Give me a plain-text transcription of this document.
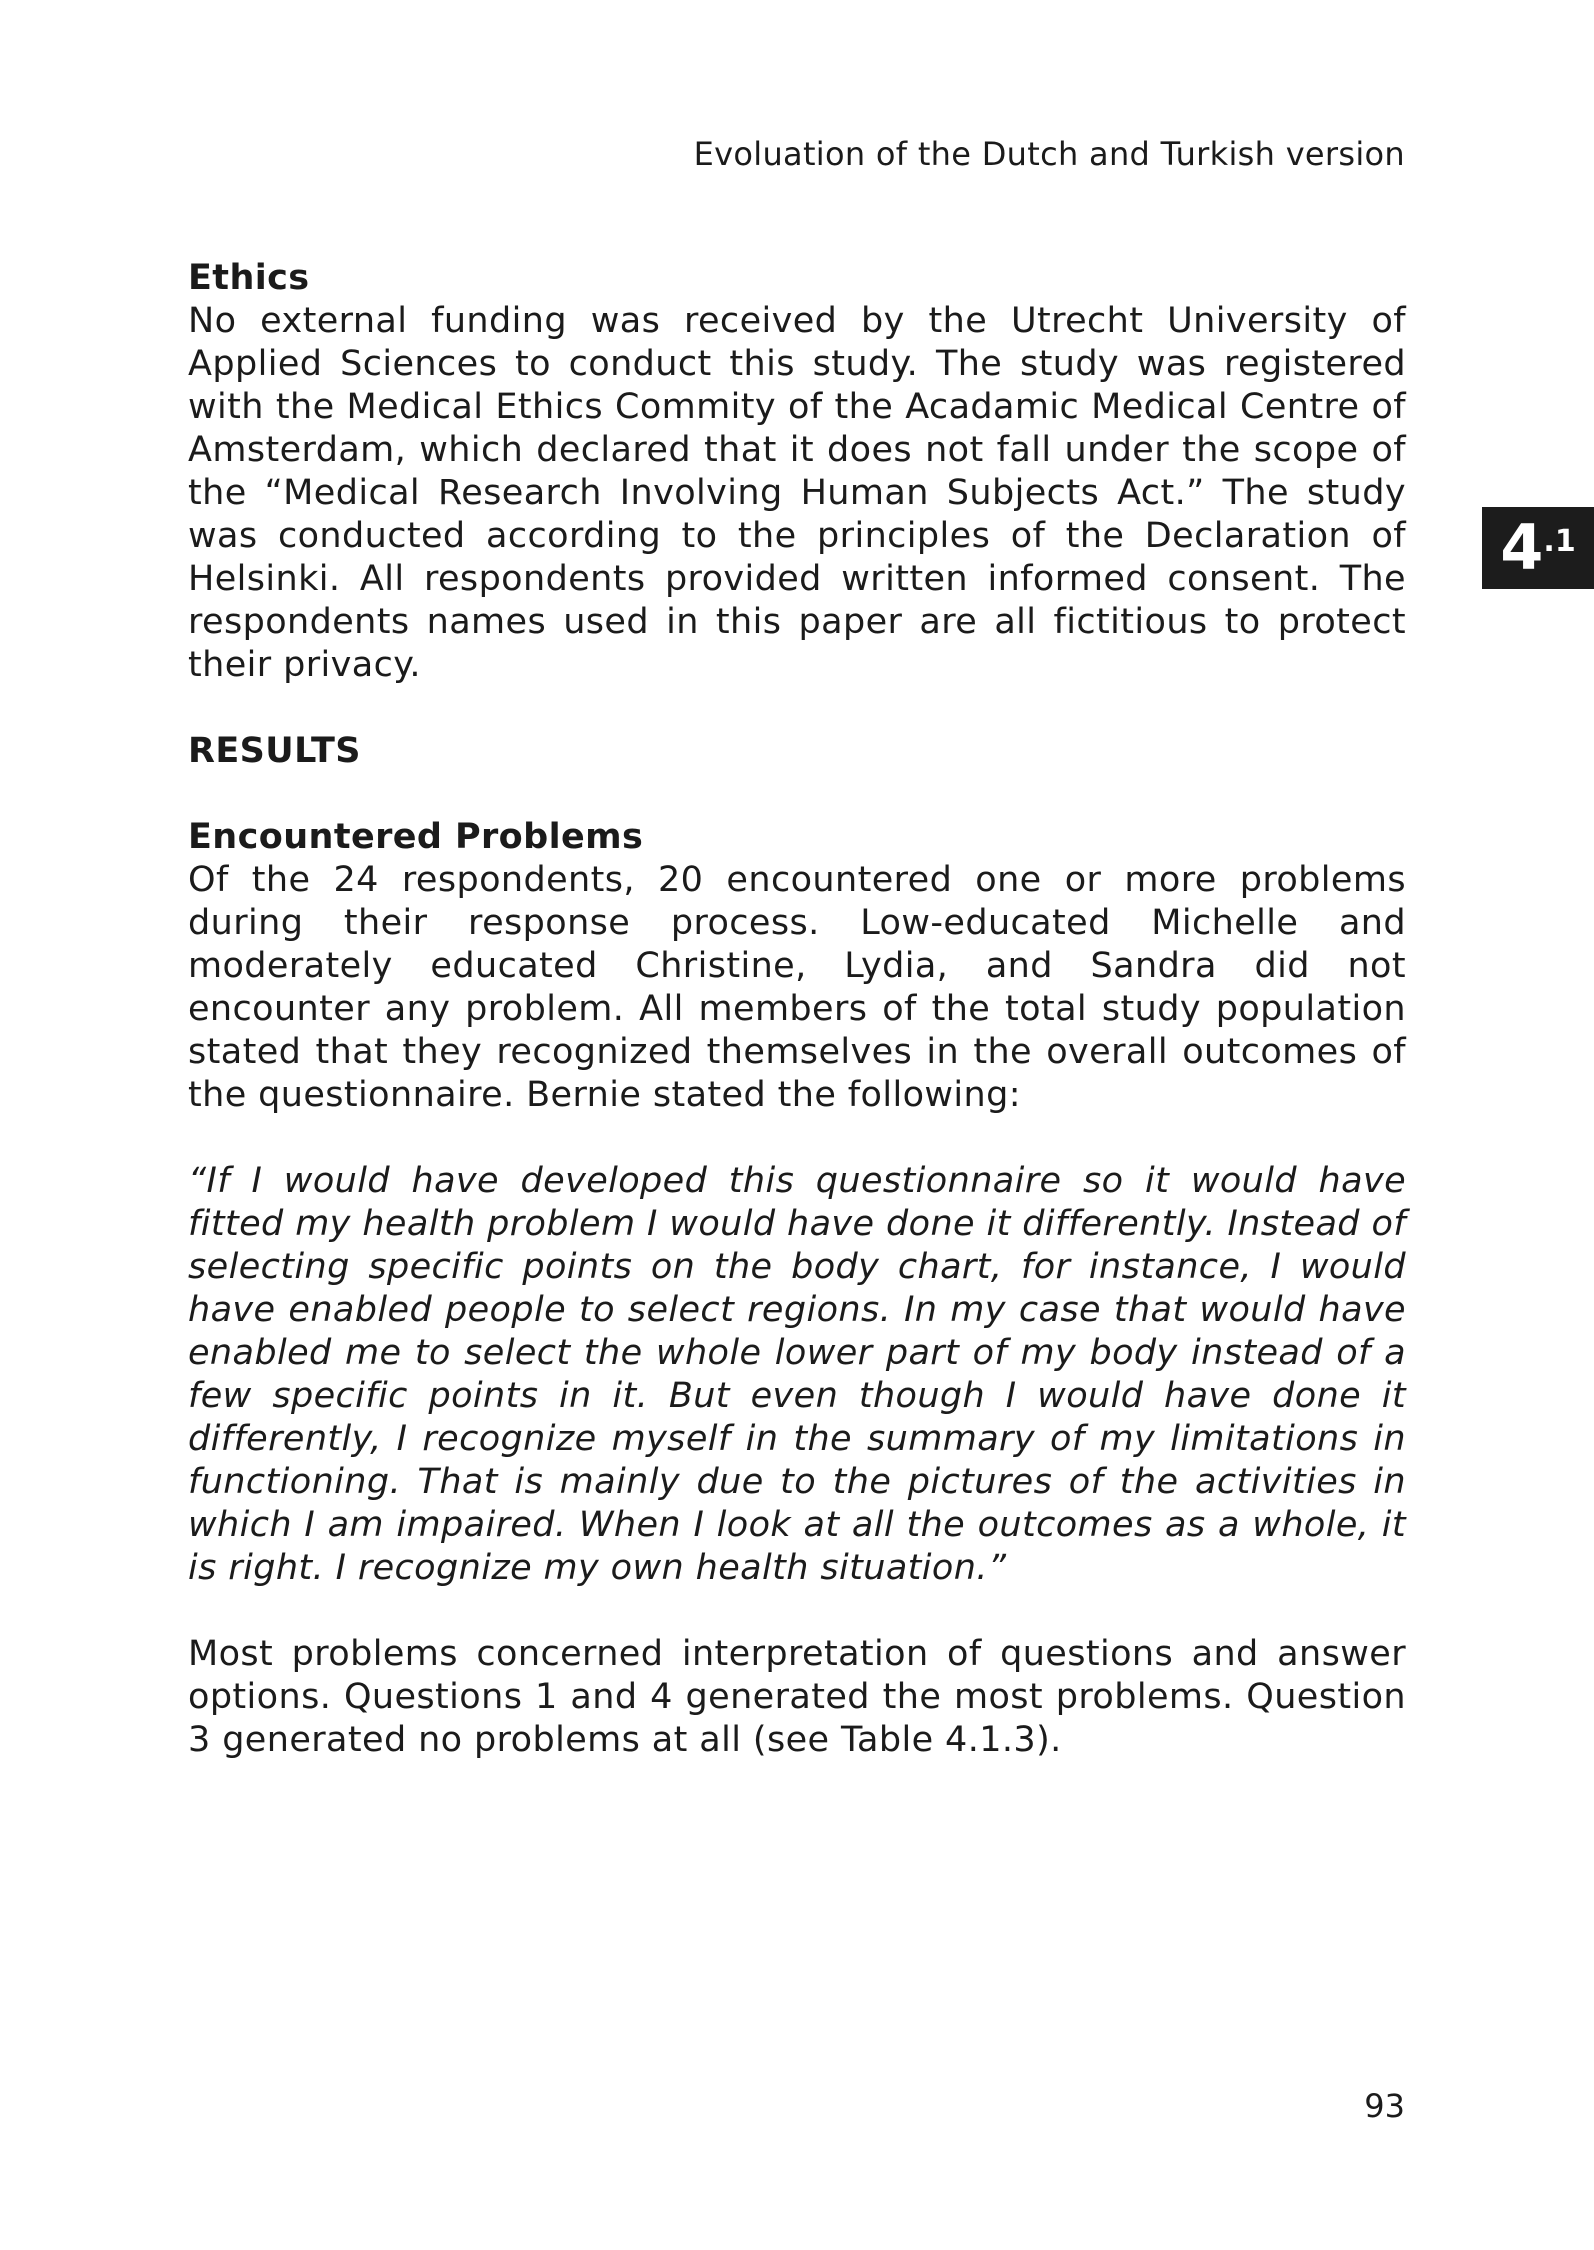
Evoluation of the Dutch and Turkish version

4 .1
Ethics

No external funding was received by the Utrecht University of Applied Sciences to conduct this study. The study was registered with the Medical Ethics Commity of the Acadamic Medical Centre of Amsterdam, which declared that it does not fall under the scope of the “Medical Research Involving Human Subjects Act.” The study was conducted according to the principles of the Declaration of Helsinki. All respondents provided written informed consent. The respondents names used in this paper are all fictitious to protect their privacy.

RESULTS
Encountered Problems

Of the 24 respondents, 20 encountered one or more problems during their response process. Low-educated Michelle and moderately educated Christine, Lydia, and Sandra did not encounter any problem. All members of the total study population stated that they recognized themselves in the overall outcomes of the questionnaire. Bernie stated the following:

“If I would have developed this questionnaire so it would have fitted my health problem I would have done it differently. Instead of selecting specific points on the body chart, for instance, I would have enabled people to select regions. In my case that would have enabled me to select the whole lower part of my body instead of a few specific points in it. But even though I would have done it differently, I recognize myself in the summary of my limitations in functioning. That is mainly due to the pictures of the activities in which I am impaired. When I look at all the outcomes as a whole, it is right. I recognize my own health situation.”

Most problems concerned interpretation of questions and answer options. Questions 1 and 4 generated the most problems. Question 3 generated no problems at all (see Table 4.1.3).

93
